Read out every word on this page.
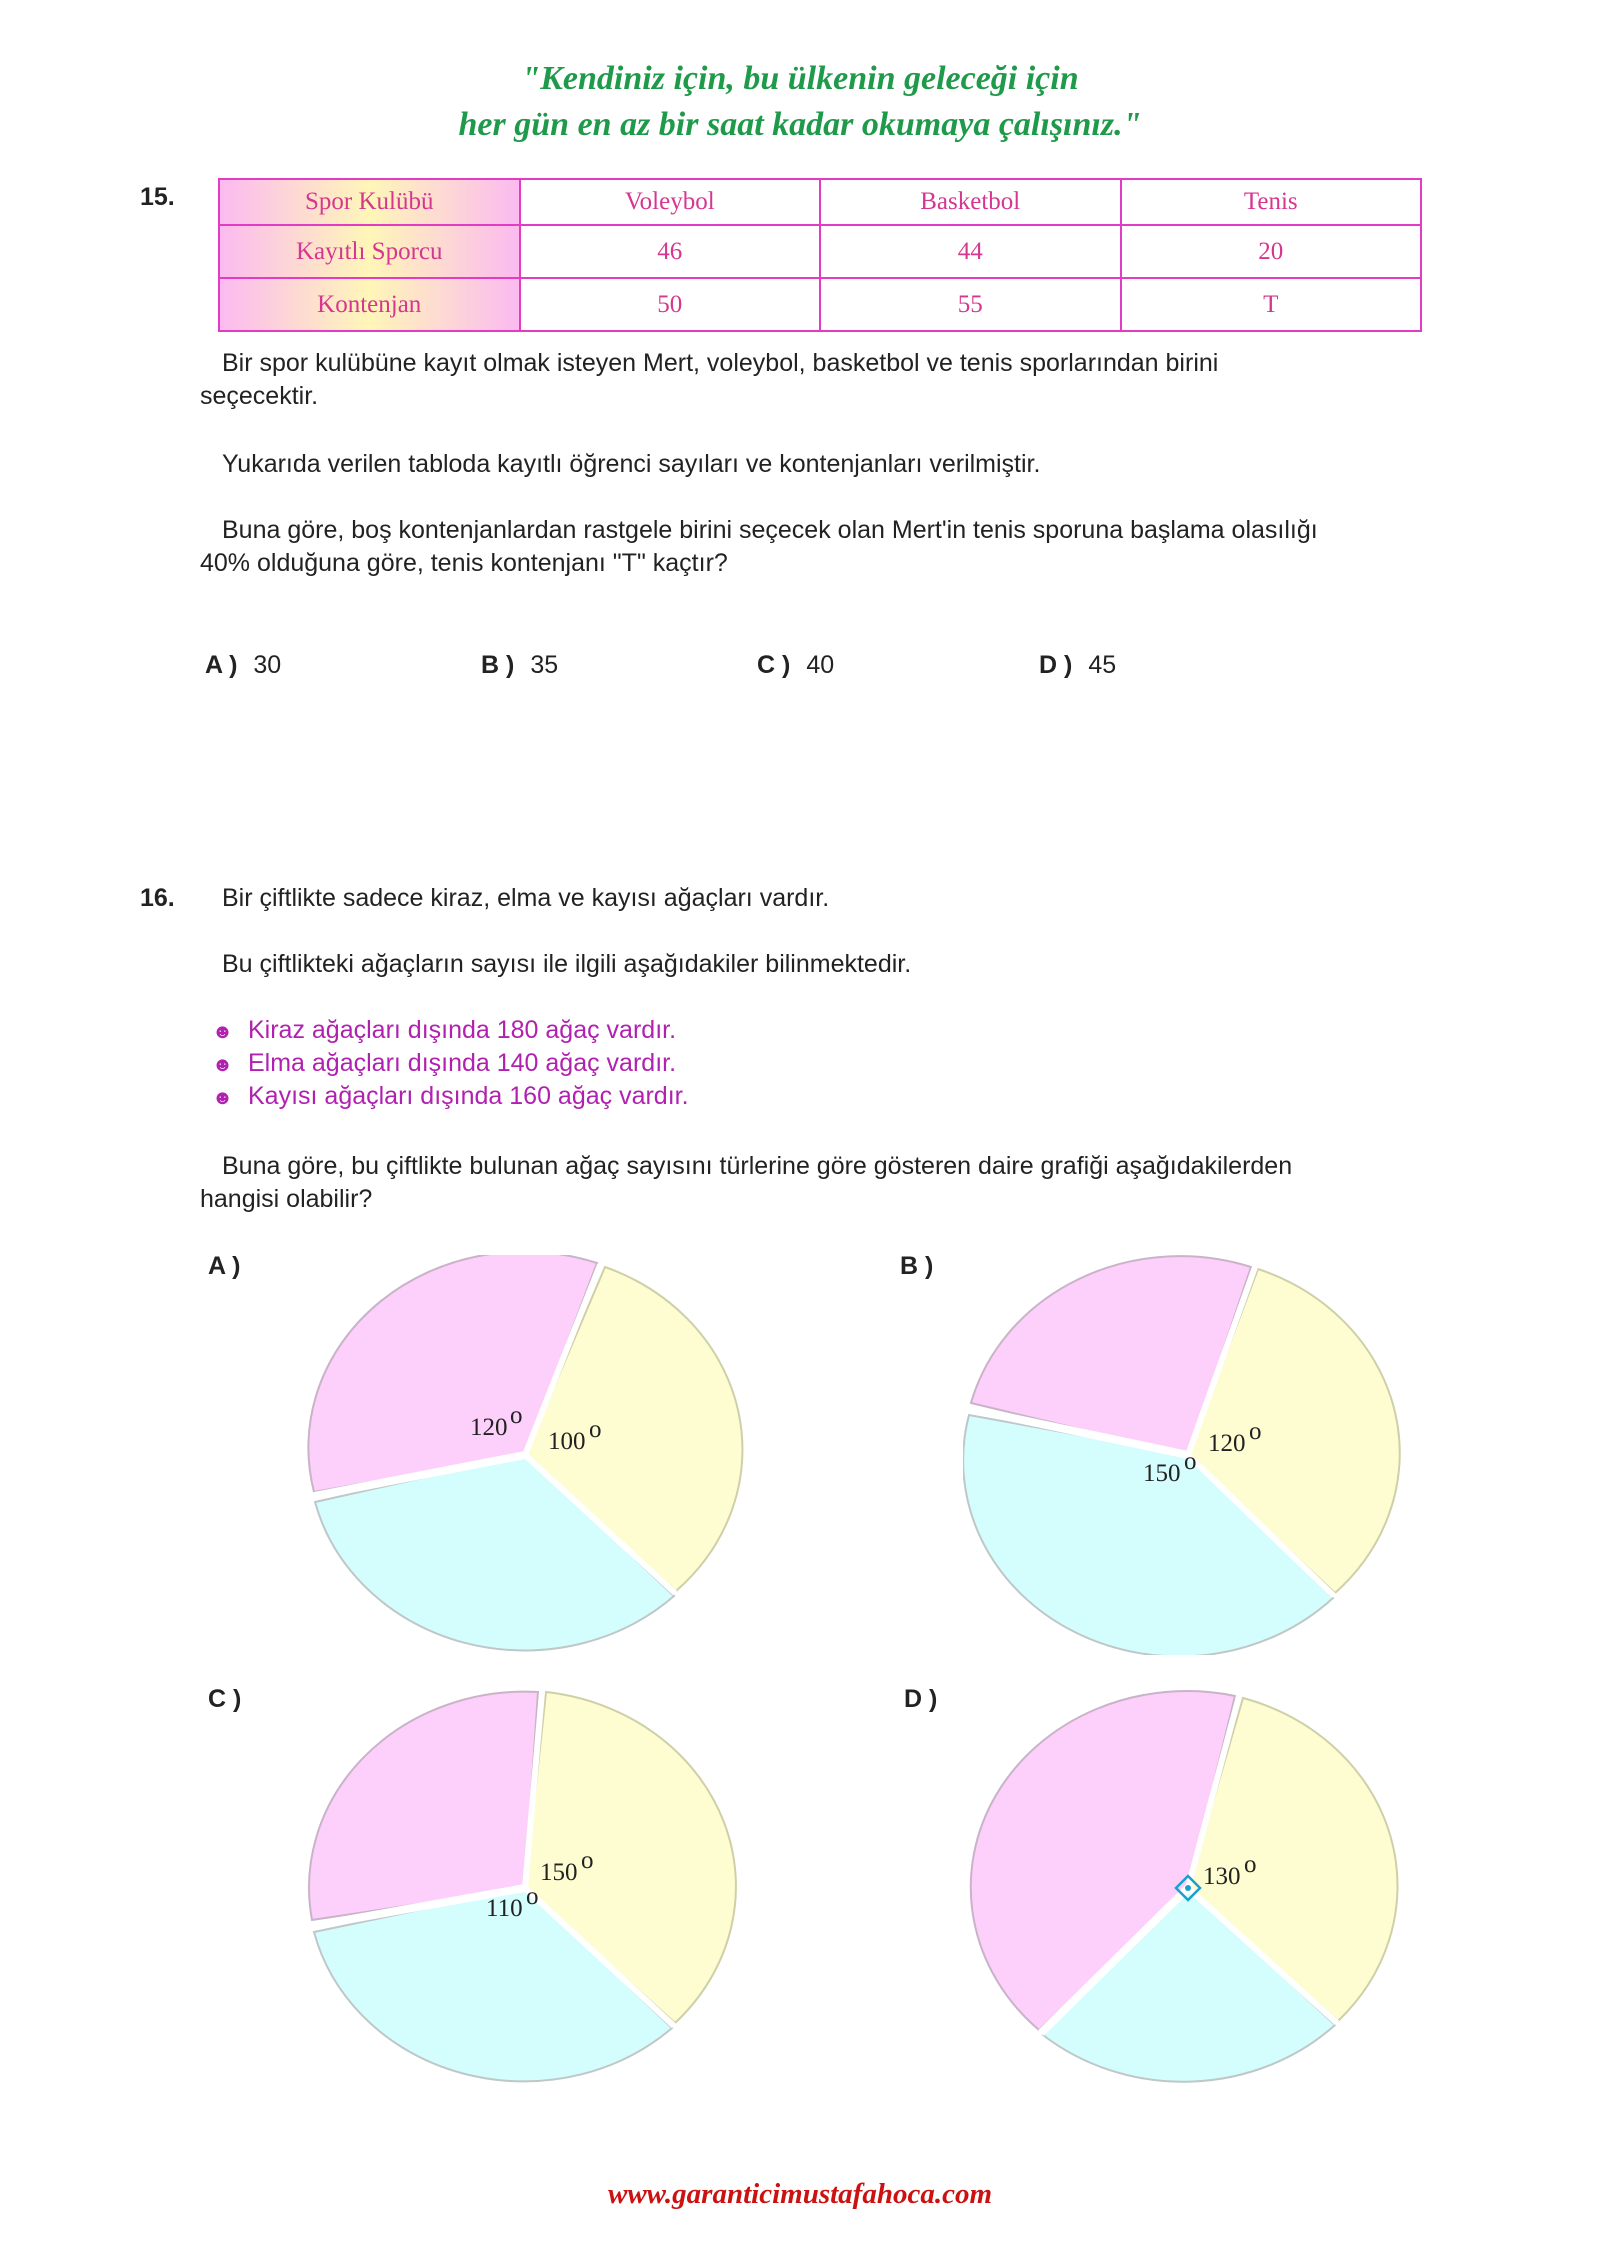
"Kendiniz için, bu ülkenin geleceği için
her gün en az bir saat kadar okumaya çalışınız."
15.	Spor Kulübü	Voleybol	Basketbol	Tenis
Kayıtlı Sporcu	46	44	20
Kontenjan	50	55	T
Bir spor kulübüne kayıt olmak isteyen Mert, voleybol, basketbol ve tenis sporlarından birini
seçecektir.
Yukarıda verilen tabloda kayıtlı öğrenci sayıları ve kontenjanları verilmiştir.
Buna göre, boş kontenjanlardan rastgele birini seçecek olan Mert'in tenis sporuna başlama olasılığı
40% olduğuna göre, tenis kontenjanı "T" kaçtır?
A ) 30	B ) 35	C ) 40	D ) 45
16. Bir çiftlikte sadece kiraz, elma ve kayısı ağaçları vardır.
Bu çiftlikteki ağaçların sayısı ile ilgili aşağıdakiler bilinmektedir.
☻ Kiraz ağaçları dışında 180 ağaç vardır.
☻ Elma ağaçları dışında 140 ağaç vardır.
☻ Kayısı ağaçları dışında 160 ağaç vardır.
Buna göre, bu çiftlikte bulunan ağaç sayısını türlerine göre gösteren daire grafiği aşağıdakilerden
hangisi olabilir?
A )	B )
C )	D )
120 o
100 o
150 o
120 o
150 o
110 o
130 o
www.garanticimustafahoca.com
